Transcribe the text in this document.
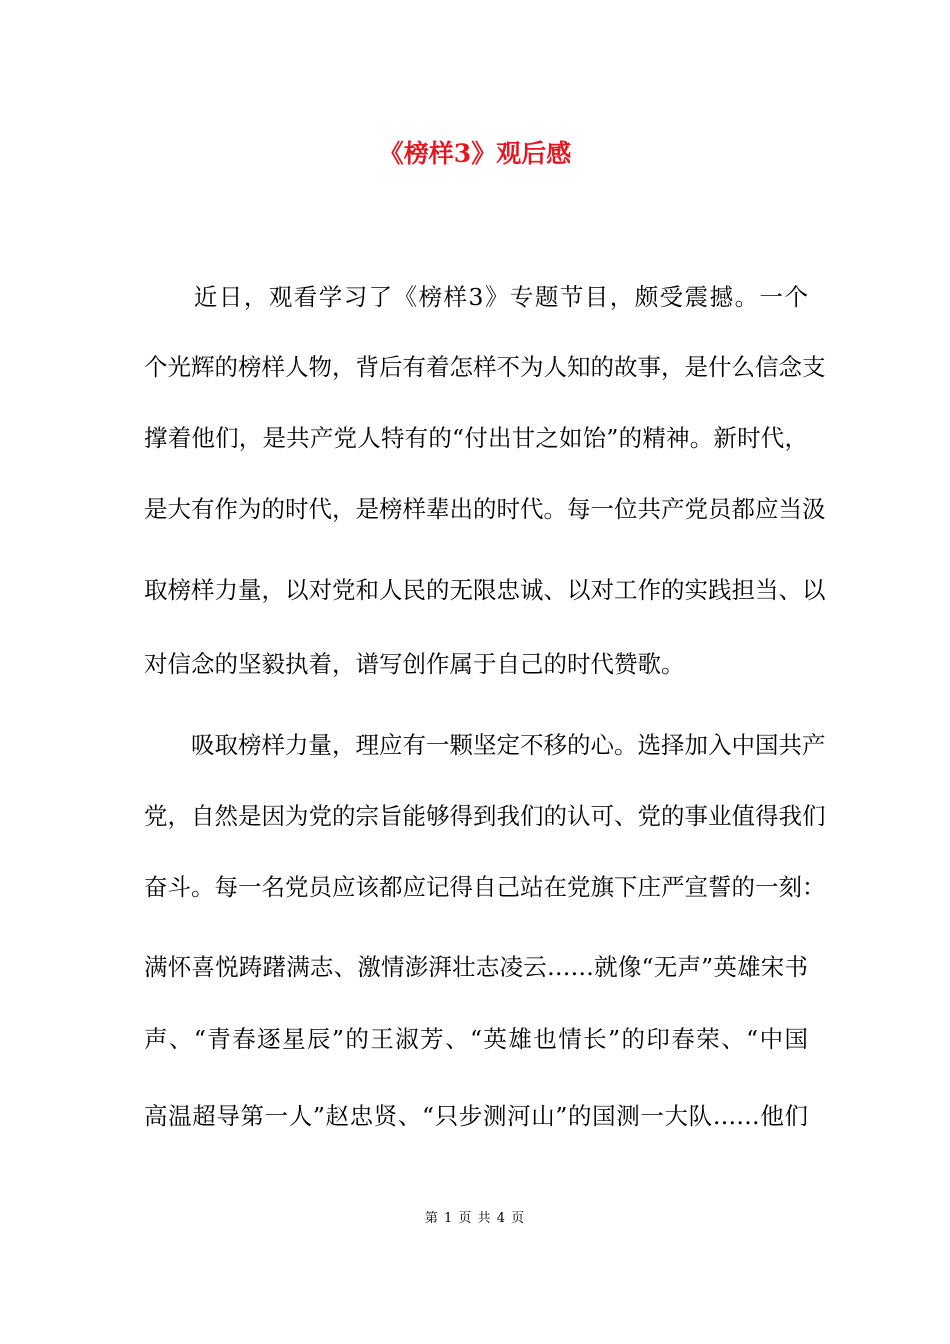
《榜样3》观后感
　　近日，观看学习了《榜样3》专题节目，颇受震撼。一个
个光辉的榜样人物，背后有着怎样不为人知的故事，是什么信念支
撑着他们，是共产党人特有的“付出甘之如饴”的精神。新时代，
是大有作为的时代，是榜样辈出的时代。每一位共产党员都应当汲
取榜样力量，以对党和人民的无限忠诚、以对工作的实践担当、以
对信念的坚毅执着，谱写创作属于自己的时代赞歌。
　　吸取榜样力量，理应有一颗坚定不移的心。选择加入中国共产
党，自然是因为党的宗旨能够得到我们的认可、党的事业值得我们
奋斗。每一名党员应该都应记得自己站在党旗下庄严宣誓的一刻：
满怀喜悦踌躇满志、激情澎湃壮志凌云……就像“无声”英雄宋书
声、“青春逐星辰”的王淑芳、“英雄也情长”的印春荣、“中国
高温超导第一人”赵忠贤、“只步测河山”的国测一大队……他们
第 1 页 共 4 页
